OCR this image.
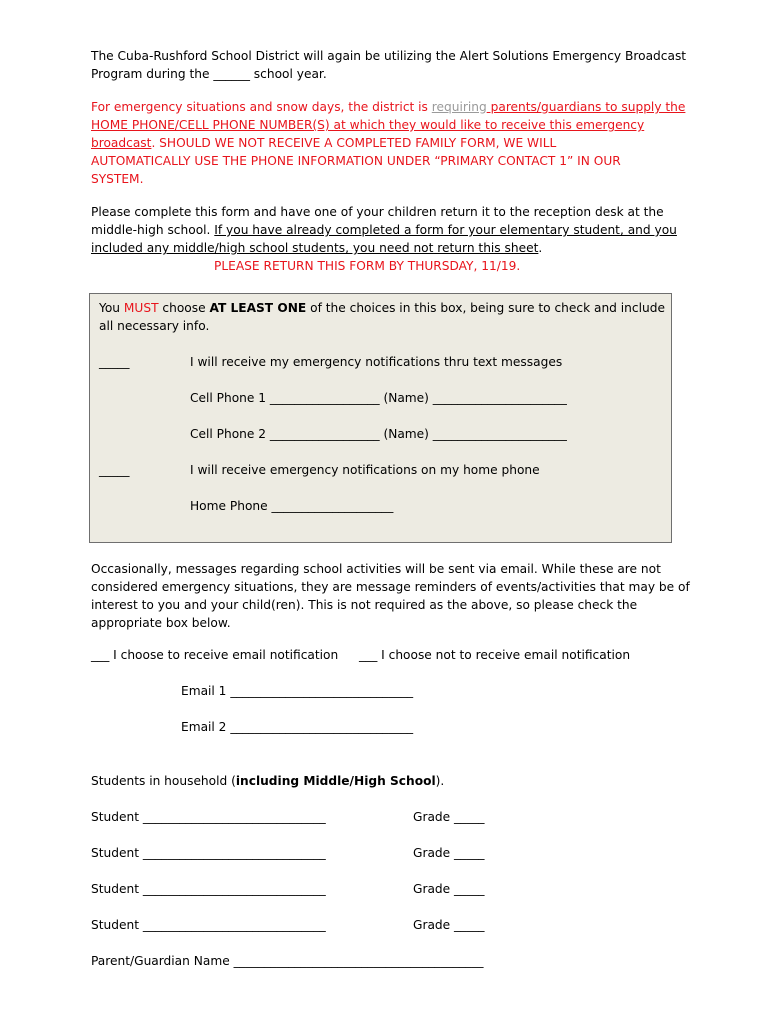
The Cuba-Rushford School District will again be utilizing the Alert Solutions Emergency Broadcast
Program during the ______ school year.
For emergency situations and snow days, the district is requiring parents/guardians to supply the
HOME PHONE/CELL PHONE NUMBER(S) at which they would like to receive this emergency
broadcast. SHOULD WE NOT RECEIVE A COMPLETED FAMILY FORM, WE WILL
AUTOMATICALLY USE THE PHONE INFORMATION UNDER “PRIMARY CONTACT 1” IN OUR
SYSTEM.
Please complete this form and have one of your children return it to the reception desk at the
middle-high school. If you have already completed a form for your elementary student, and you
included any middle/high school students, you need not return this sheet.
PLEASE RETURN THIS FORM BY THURSDAY, 11/19.
You MUST choose AT LEAST ONE of the choices in this box, being sure to check and include
all necessary info.
_____	I will receive my emergency notifications thru text messages
Cell Phone 1 __________________ (Name) ______________________
Cell Phone 2 __________________ (Name) ______________________
_____	I will receive emergency notifications on my home phone
Home Phone ____________________
Occasionally, messages regarding school activities will be sent via email. While these are not
considered emergency situations, they are message reminders of events/activities that may be of
interest to you and your child(ren). This is not required as the above, so please check the
appropriate box below.
___ I choose to receive email notification ___ I choose not to receive email notification
Email 1 ______________________________
Email 2 ______________________________
Students in household (including Middle/High School).
Student ______________________________	Grade _____
Student ______________________________	Grade _____
Student ______________________________	Grade _____
Student ______________________________	Grade _____
Parent/Guardian Name _________________________________________
